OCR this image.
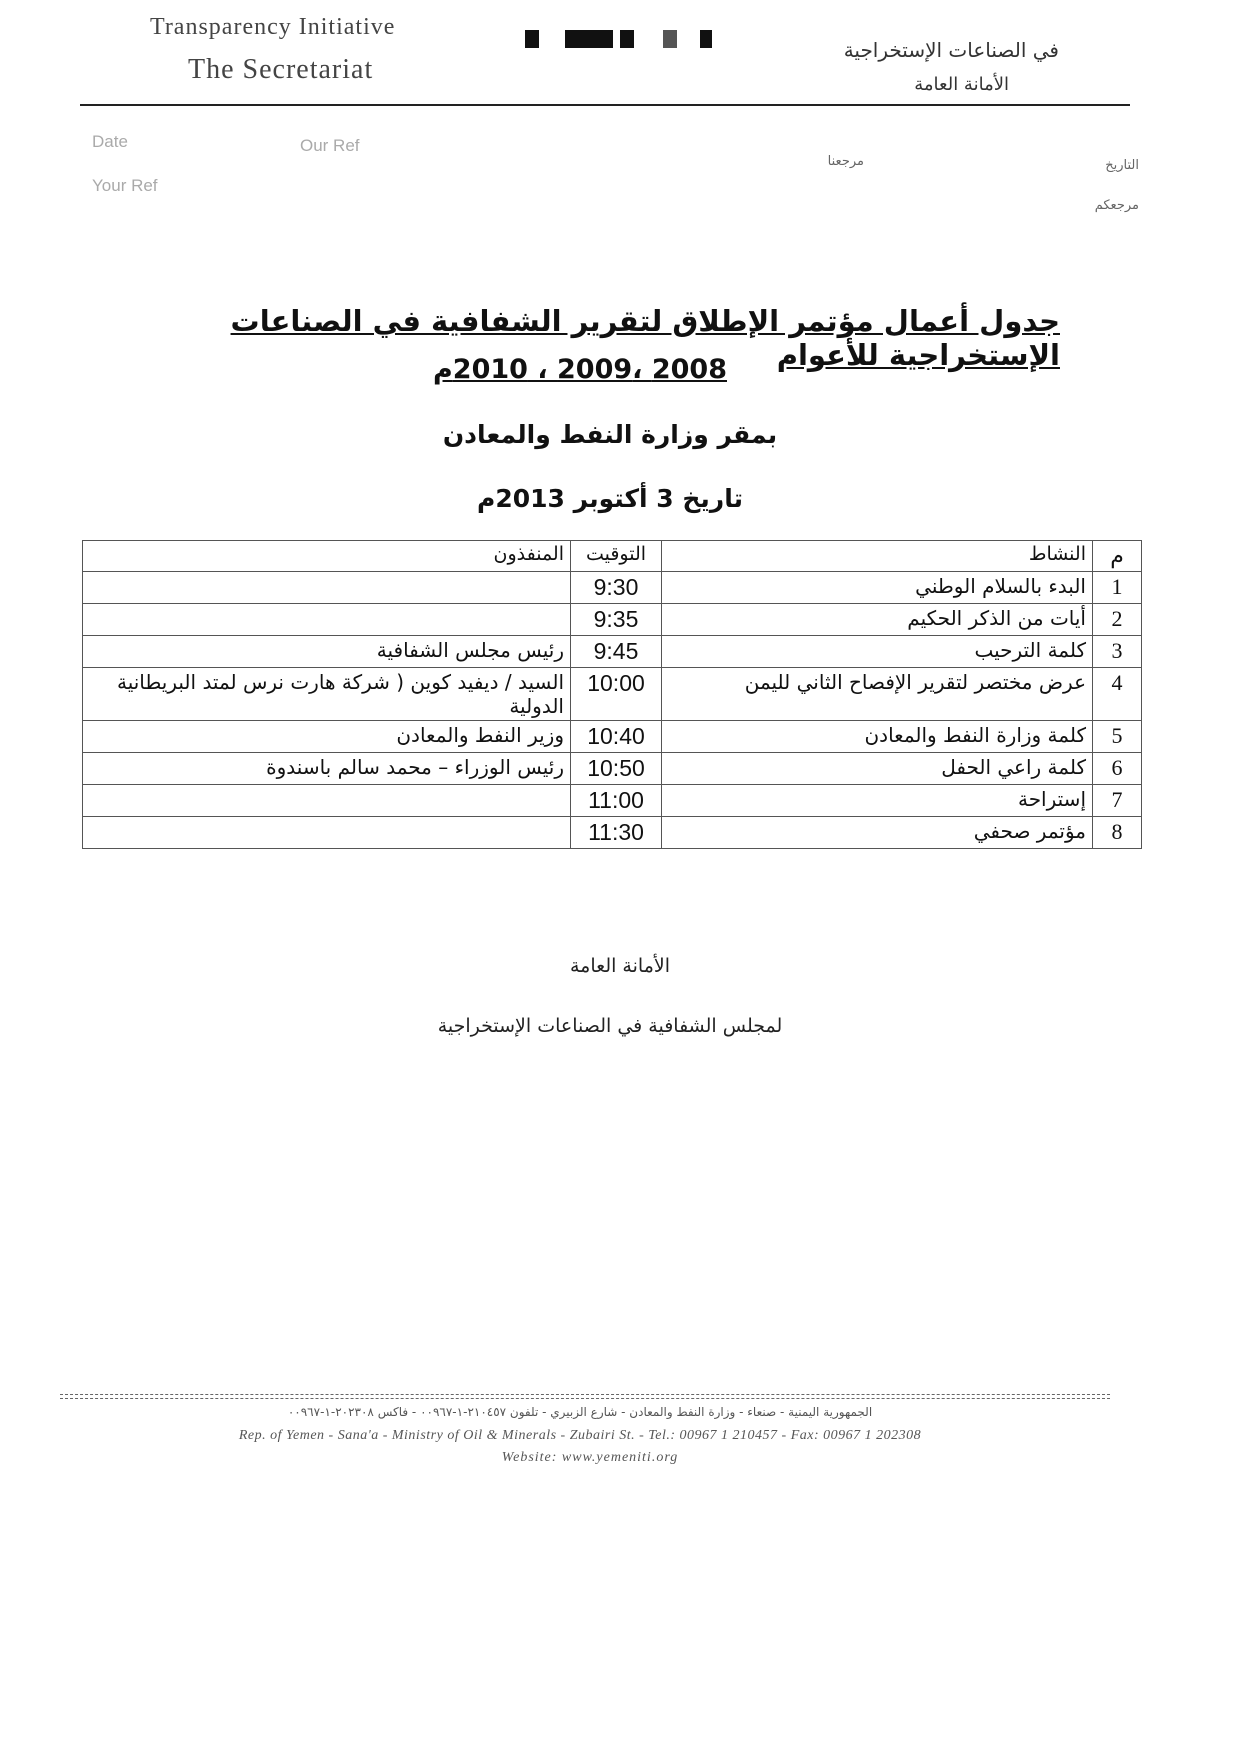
Transparency Initiative
The Secretariat
في الصناعات الإستخراجية
الأمانة العامة
Date	Our Ref
Your Ref
التاريخ
مرجعنا
مرجعكم
جدول أعمال مؤتمر الإطلاق لتقرير الشفافية في الصناعات الإستخراجية للأعوام
2008 ،2009 ، 2010م
بمقر وزارة النفط والمعادن
تاريخ 3 أكتوبر 2013م
م	النشاط	التوقيت	المنفذون
1	البدء بالسلام الوطني	9:30	
2	أيات من الذكر الحكيم	9:35	
3	كلمة الترحيب	9:45	رئيس مجلس الشفافية
4	عرض مختصر لتقرير الإفصاح الثاني لليمن	10:00	السيد / ديفيد كوين ( شركة هارت نرس لمتد البريطانية الدولية
5	كلمة وزارة النفط والمعادن	10:40	وزير النفط والمعادن
6	كلمة راعي الحفل	10:50	رئيس الوزراء – محمد سالم باسندوة
7	إستراحة	11:00	
8	مؤتمر صحفي	11:30	
الأمانة العامة
لمجلس الشفافية في الصناعات الإستخراجية
الجمهورية اليمنية - صنعاء - وزارة النفط والمعادن - شارع الزبيري - تلفون ٢١٠٤٥٧-١-٠٠٩٦٧ - فاكس ٢٠٢٣٠٨-١-٠٠٩٦٧
Rep. of Yemen - Sana'a - Ministry of Oil & Minerals - Zubairi St. - Tel.: 00967 1 210457 - Fax: 00967 1 202308
Website: www.yemeniti.org
